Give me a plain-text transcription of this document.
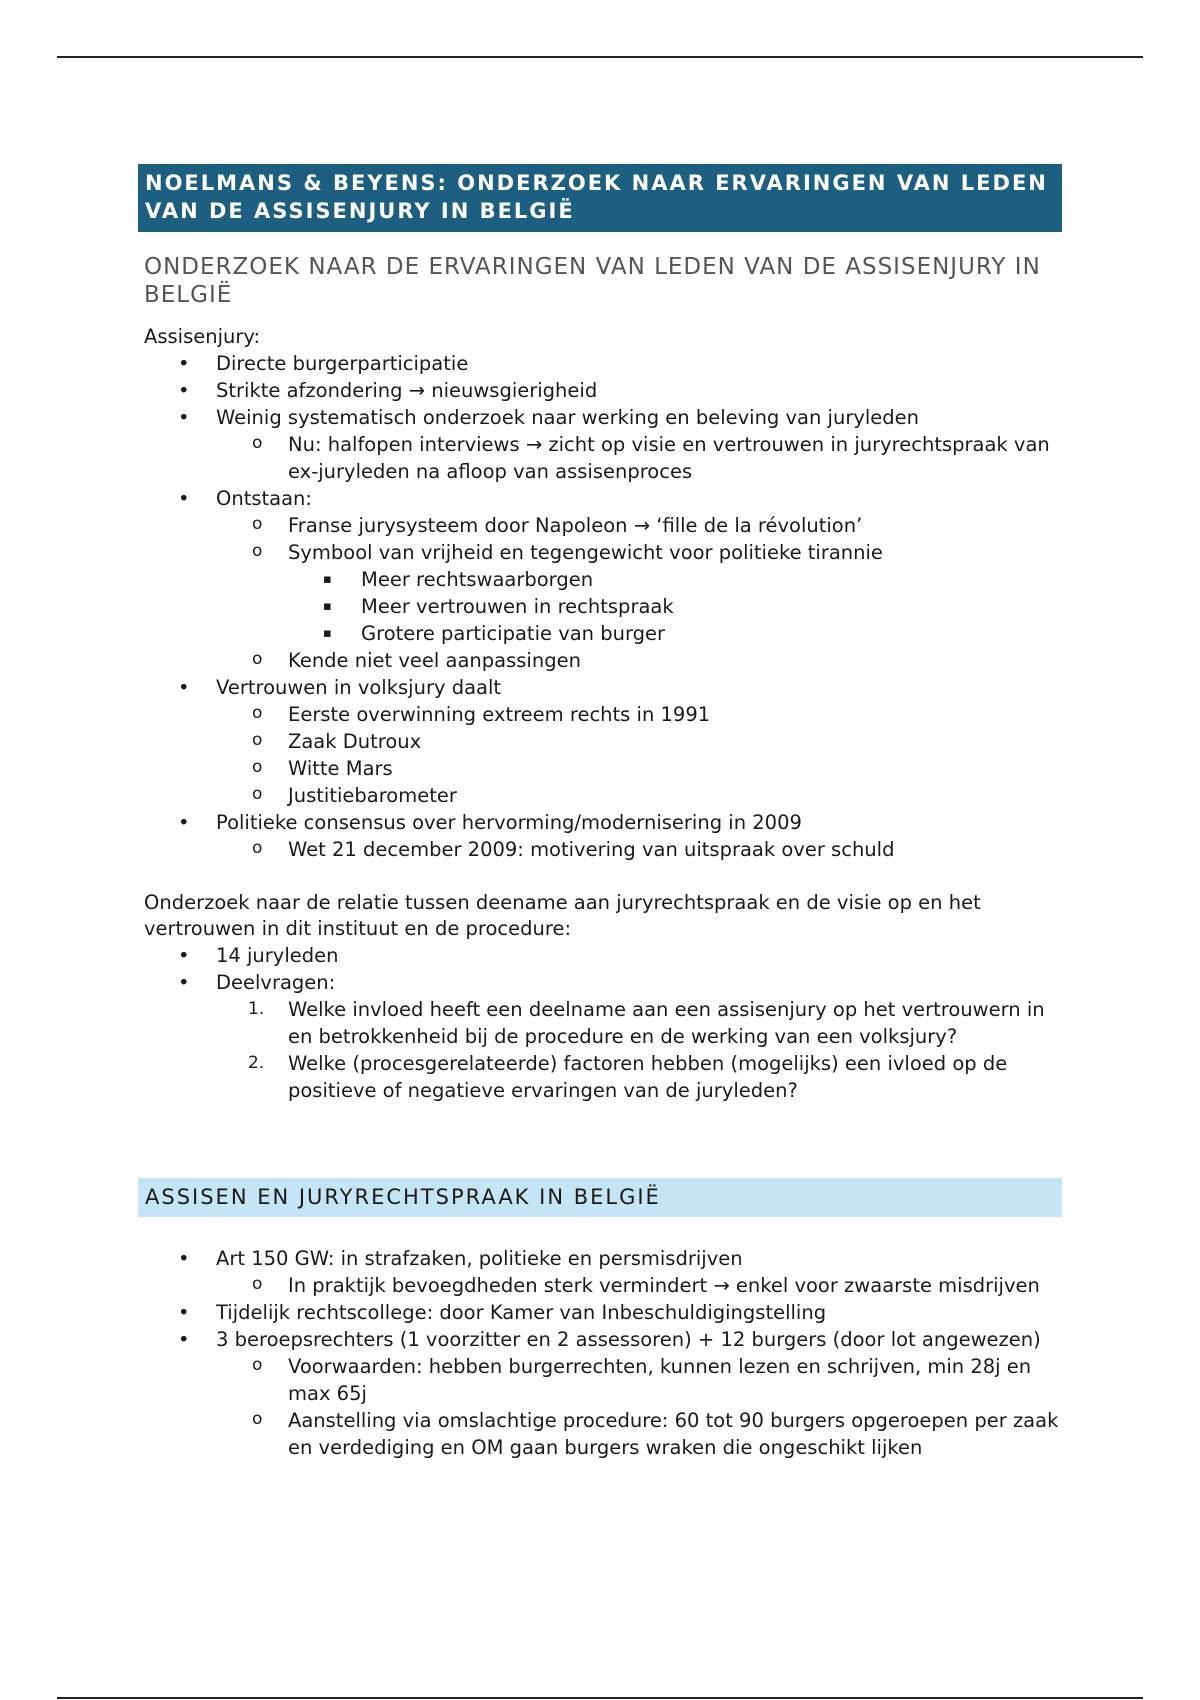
NOELMANS & BEYENS: ONDERZOEK NAAR ERVARINGEN VAN LEDEN VAN DE ASSISENJURY IN BELGIË
ONDERZOEK NAAR DE ERVARINGEN VAN LEDEN VAN DE ASSISENJURY IN BELGIË
Assisenjury:
• Directe burgerparticipatie
• Strikte afzondering → nieuwsgierigheid
• Weinig systematisch onderzoek naar werking en beleving van juryleden
o Nu: halfopen interviews → zicht op visie en vertrouwen in juryrechtspraak van ex-juryleden na afloop van assisenproces
• Ontstaan:
o Franse jurysysteem door Napoleon → ‘fille de la révolution’
o Symbool van vrijheid en tegengewicht voor politieke tirannie
▪ Meer rechtswaarborgen
▪ Meer vertrouwen in rechtspraak
▪ Grotere participatie van burger
o Kende niet veel aanpassingen
• Vertrouwen in volksjury daalt
o Eerste overwinning extreem rechts in 1991
o Zaak Dutroux
o Witte Mars
o Justitiebarometer
• Politieke consensus over hervorming/modernisering in 2009
o Wet 21 december 2009: motivering van uitspraak over schuld
Onderzoek naar de relatie tussen deename aan juryrechtspraak en de visie op en het vertrouwen in dit instituut en de procedure:
• 14 juryleden
• Deelvragen:
1. Welke invloed heeft een deelname aan een assisenjury op het vertrouwern in en betrokkenheid bij de procedure en de werking van een volksjury?
2. Welke (procesgerelateerde) factoren hebben (mogelijks) een ivloed op de positieve of negatieve ervaringen van de juryleden?
ASSISEN EN JURYRECHTSPRAAK IN BELGIË
• Art 150 GW: in strafzaken, politieke en persmisdrijven
o In praktijk bevoegdheden sterk vermindert → enkel voor zwaarste misdrijven
• Tijdelijk rechtscollege: door Kamer van Inbeschuldigingstelling
• 3 beroepsrechters (1 voorzitter en 2 assessoren) + 12 burgers (door lot angewezen)
o Voorwaarden: hebben burgerrechten, kunnen lezen en schrijven, min 28j en max 65j
o Aanstelling via omslachtige procedure: 60 tot 90 burgers opgeroepen per zaak en verdediging en OM gaan burgers wraken die ongeschikt lijken
